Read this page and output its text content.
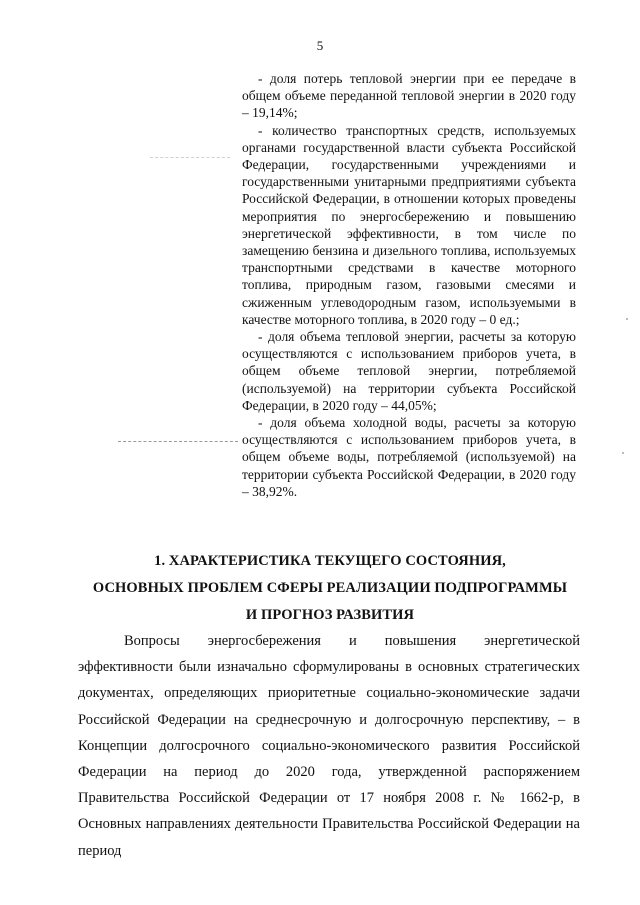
5

- доля потерь тепловой энергии при ее передаче в общем объеме переданной тепловой энергии в 2020 году – 19,14%;

- количество транспортных средств, используемых органами государственной власти субъекта Российской Федерации, государственными учреждениями и государственными унитарными предприятиями субъекта Российской Федерации, в отношении которых проведены мероприятия по энергосбережению и повышению энергетической эффективности, в том числе по замещению бензина и дизельного топлива, используемых транспортными средствами в качестве моторного топлива, природным газом, газовыми смесями и сжиженным углеводородным газом, используемыми в качестве моторного топлива, в 2020 году – 0 ед.;

- доля объема тепловой энергии, расчеты за которую осуществляются с использованием приборов учета, в общем объеме тепловой энергии, потребляемой (используемой) на территории субъекта Российской Федерации, в 2020 году – 44,05%;

- доля объема холодной воды, расчеты за которую осуществляются с использованием приборов учета, в общем объеме воды, потребляемой (используемой) на территории субъекта Российской Федерации, в 2020 году – 38,92%.

1. ХАРАКТЕРИСТИКА ТЕКУЩЕГО СОСТОЯНИЯ,
ОСНОВНЫХ ПРОБЛЕМ СФЕРЫ РЕАЛИЗАЦИИ ПОДПРОГРАММЫ
И ПРОГНОЗ РАЗВИТИЯ

Вопросы энергосбережения и повышения энергетической эффективности были изначально сформулированы в основных стратегических документах, определяющих приоритетные социально-экономические задачи Российской Федерации на среднесрочную и долгосрочную перспективу, – в Концепции долгосрочного социально-экономического развития Российской Федерации на период до 2020 года, утвержденной распоряжением Правительства Российской Федерации от 17 ноября 2008 г. № 1662-р, в Основных направлениях деятельности Правительства Российской Федерации на период
